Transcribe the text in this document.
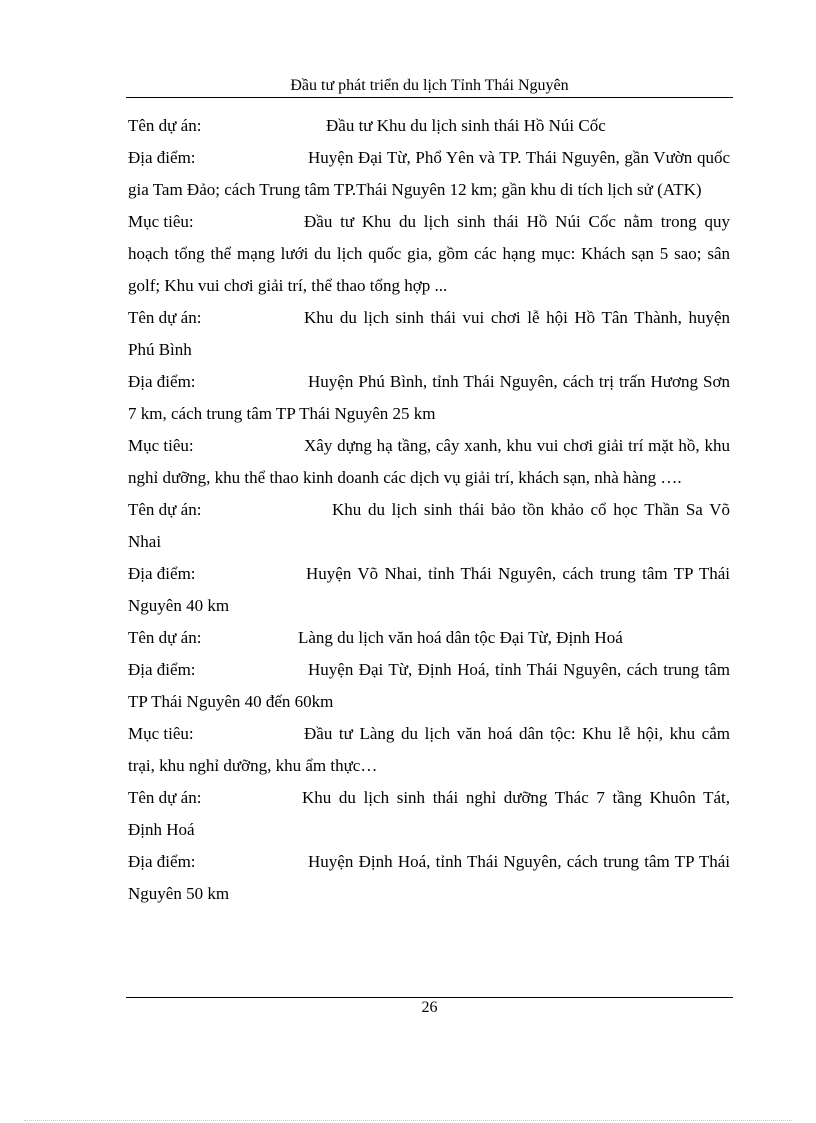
Đầu tư phát triển du lịch Tỉnh Thái Nguyên
Tên dự án:	Đầu tư Khu du lịch sinh thái Hồ Núi Cốc
Địa điểm:	Huyện Đại Từ, Phổ Yên và TP. Thái Nguyên, gần Vườn quốc gia Tam Đảo; cách Trung tâm TP.Thái Nguyên 12 km; gần khu di tích lịch sử (ATK)
Mục tiêu:	Đầu tư Khu du lịch sinh thái Hồ Núi Cốc nằm trong quy hoạch tổng thể mạng lưới du lịch quốc gia, gồm các hạng mục: Khách sạn 5 sao; sân golf; Khu vui chơi giải trí, thể thao tổng hợp ...
Tên dự án:	Khu du lịch sinh thái vui chơi lễ hội Hồ Tân Thành, huyện Phú Bình
Địa điểm:	Huyện Phú Bình, tỉnh Thái Nguyên, cách trị trấn Hương Sơn 7 km, cách trung tâm TP Thái Nguyên 25 km
Mục tiêu:	Xây dựng hạ tầng, cây xanh, khu vui chơi giải trí mặt hồ, khu nghỉ dưỡng, khu thể thao kinh doanh các dịch vụ giải trí, khách sạn, nhà hàng ….
Tên dự án:	Khu du lịch sinh thái bảo tồn khảo cổ học Thần Sa Võ Nhai
Địa điểm:	Huyện Võ Nhai, tỉnh Thái Nguyên, cách trung tâm TP Thái Nguyên 40 km
Tên dự án:	Làng du lịch văn hoá dân tộc Đại Từ, Định Hoá
Địa điểm:	Huyện Đại Từ, Định Hoá, tỉnh Thái Nguyên, cách trung tâm TP Thái Nguyên 40 đến 60km
Mục tiêu:	Đầu tư Làng du lịch văn hoá dân tộc: Khu lễ hội, khu cắm trại, khu nghỉ dưỡng, khu ẩm thực…
Tên dự án:	Khu du lịch sinh thái nghỉ dưỡng Thác 7 tầng Khuôn Tát, Định Hoá
Địa điểm:	Huyện Định Hoá, tỉnh Thái Nguyên, cách trung tâm TP Thái Nguyên 50 km
26
